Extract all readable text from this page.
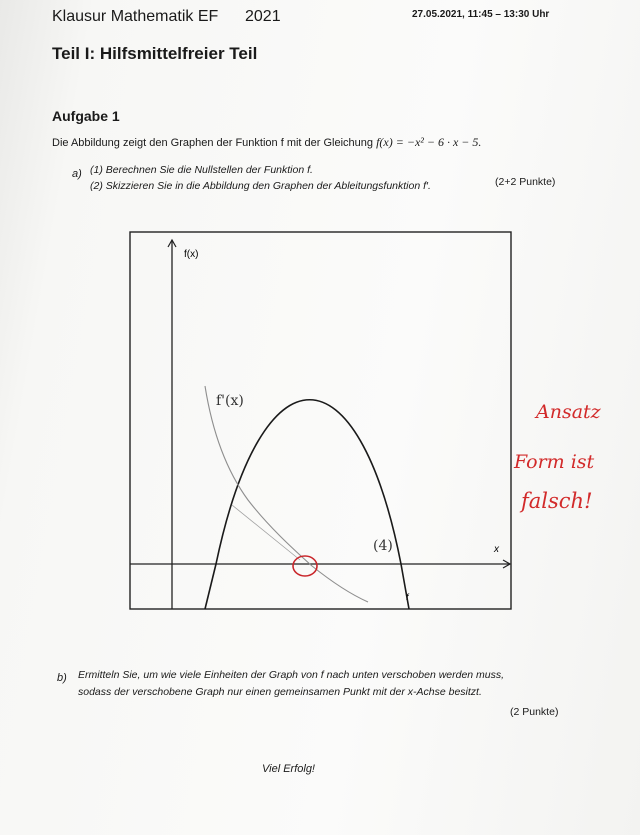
Klausur Mathematik EF 2021	27.05.2021, 11:45 – 13:30 Uhr
Teil I: Hilfsmittelfreier Teil
Aufgabe 1
Die Abbildung zeigt den Graphen der Funktion f mit der Gleichung f(x) = −x² − 6 · x − 5.
a) (1) Berechnen Sie die Nullstellen der Funktion f.
(2) Skizzieren Sie in die Abbildung den Graphen der Ableitungsfunktion f′.	(2+2 Punkte)
f(x)
x
f
f'(x)
(4)
Ansatz
Form ist
falsch!
b) Ermitteln Sie, um wie viele Einheiten der Graph von f nach unten verschoben werden muss,
sodass der verschobene Graph nur einen gemeinsamen Punkt mit der x-Achse besitzt.
(2 Punkte)
Viel Erfolg!
